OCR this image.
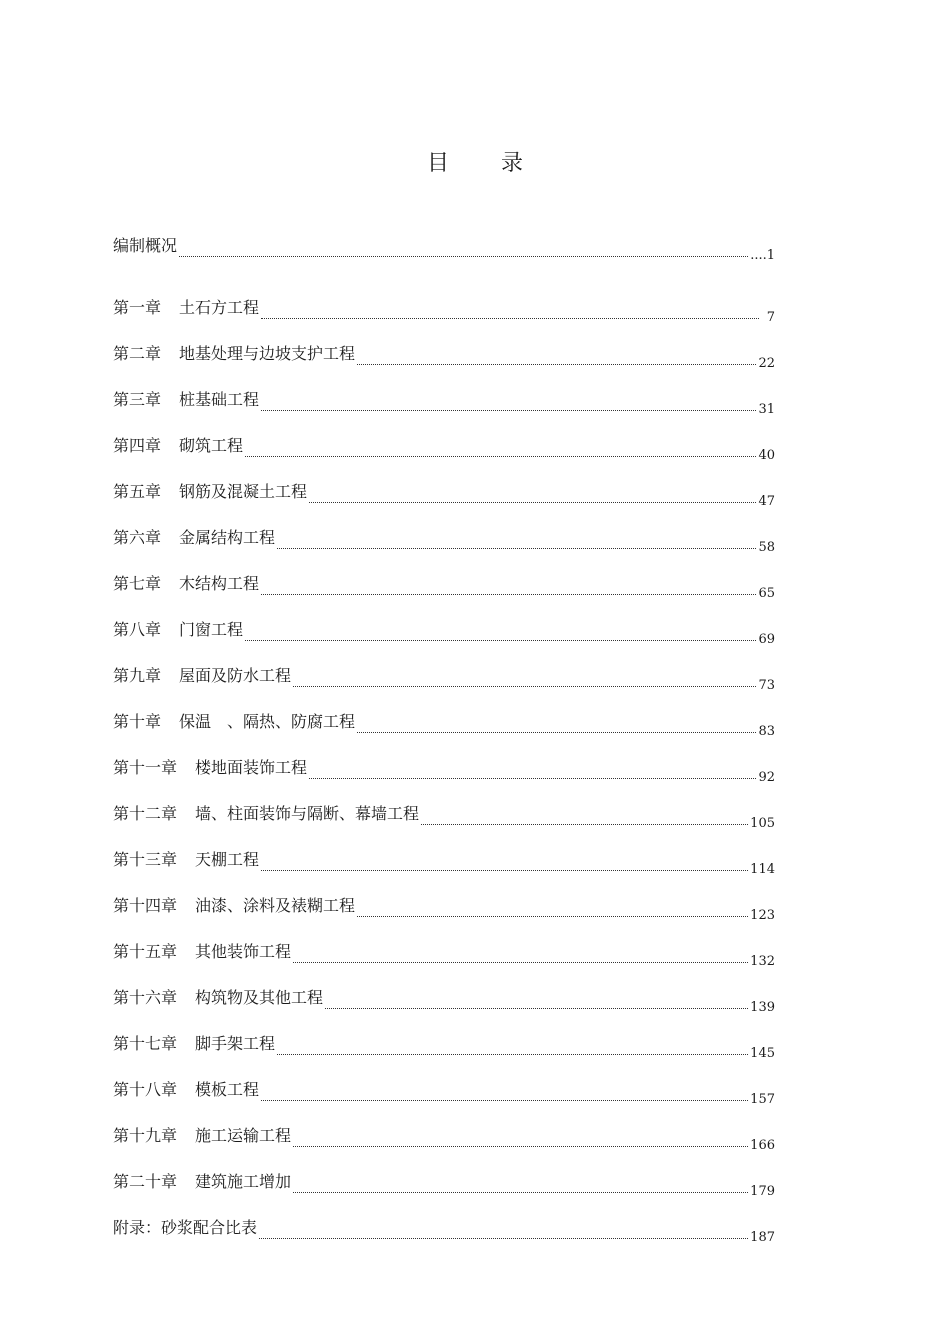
目 录
编制概况
....1
第一章 土石方工程
7
第二章 地基处理与边坡支护工程
22
第三章 桩基础工程
31
第四章 砌筑工程
40
第五章 钢筋及混凝土工程
47
第六章 金属结构工程
58
第七章 木结构工程
65
第八章 门窗工程
69
第九章 屋面及防水工程
73
第十章 保温　、隔热、防腐工程
83
第十一章 楼地面装饰工程
92
第十二章 墙、柱面装饰与隔断、幕墙工程
105
第十三章 天棚工程
114
第十四章 油漆、涂料及裱糊工程
123
第十五章 其他装饰工程
132
第十六章 构筑物及其他工程
139
第十七章 脚手架工程
145
第十八章 模板工程
157
第十九章 施工运输工程
166
第二十章 建筑施工增加
179
附录：砂浆配合比表
187
